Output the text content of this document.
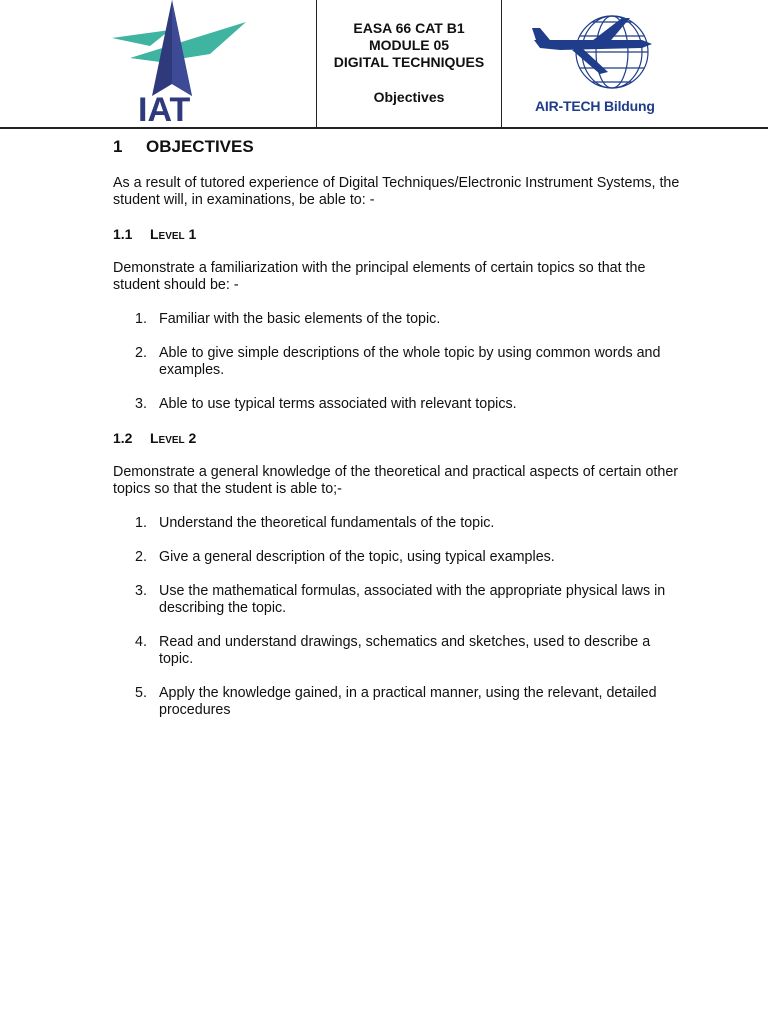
IAT
EASA 66 CAT B1
MODULE 05
DIGITAL TECHNIQUES
Objectives
AIR-TECH Bildung
1	OBJECTIVES

As a result of tutored experience of Digital Techniques/Electronic Instrument Systems, the student will, in examinations, be able to: -

1.1	Level 1

Demonstrate a familiarization with the principal elements of certain topics so that the student should be: -

1. Familiar with the basic elements of the topic.
2. Able to give simple descriptions of the whole topic by using common words and examples.
3. Able to use typical terms associated with relevant topics.
1.2	Level 2

Demonstrate a general knowledge of the theoretical and practical aspects of certain other topics so that the student is able to;-

1. Understand the theoretical fundamentals of the topic.
2. Give a general description of the topic, using typical examples.
3. Use the mathematical formulas, associated with the appropriate physical laws in describing the topic.
4. Read and understand drawings, schematics and sketches, used to describe a topic.
5. Apply the knowledge gained, in a practical manner, using the relevant, detailed procedures
